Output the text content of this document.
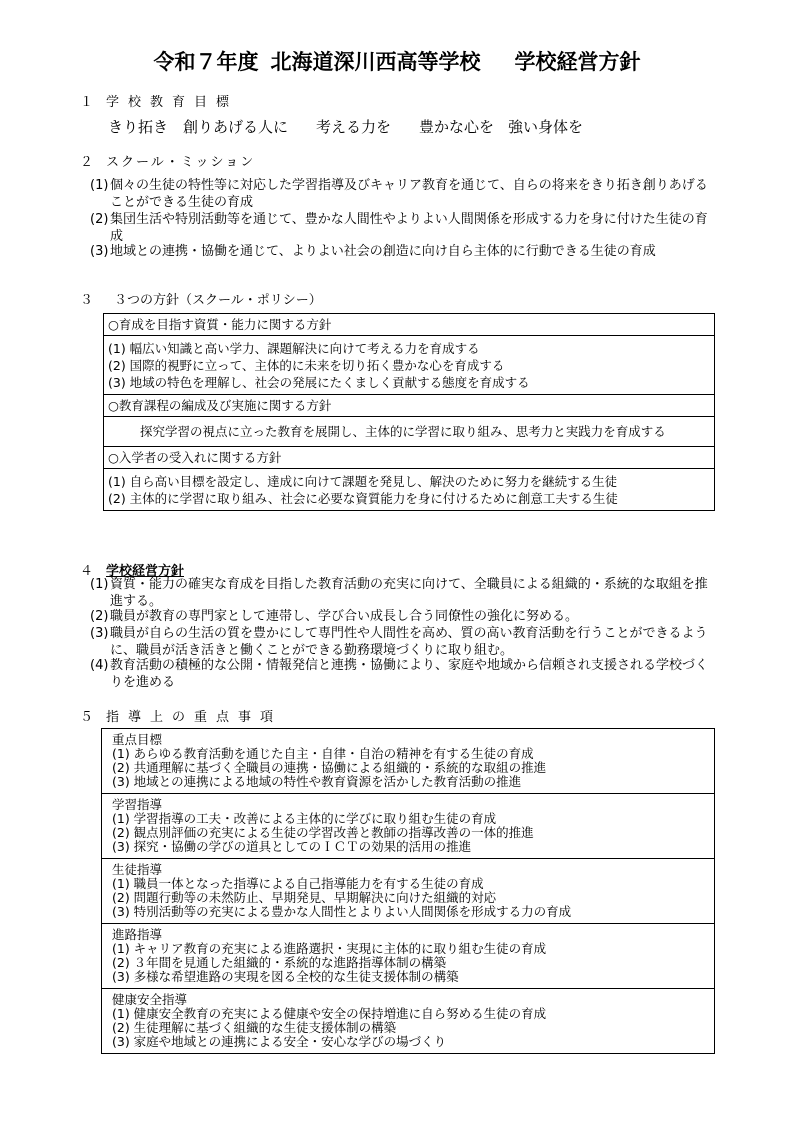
令和７年度 北海道深川西高等学校 学校経営方針
１ 学校教育目標
きり拓き　創りあげる人に 考える力を 豊かな心を 強い身体を
２ スクール・ミッション
(1) 個々の生徒の特性等に対応した学習指導及びキャリア教育を通じて、自らの将来をきり拓き創りあげることができる生徒の育成
(2) 集団生活や特別活動等を通じて、豊かな人間性やよりよい人間関係を形成する力を身に付けた生徒の育成
(3) 地域との連携・協働を通じて、よりよい社会の創造に向け自ら主体的に行動できる生徒の育成
３ ３つの方針（スクール・ポリシー）
○育成を目指す資質・能力に関する方針
(1) 幅広い知識と高い学力、課題解決に向けて考える力を育成する
(2) 国際的視野に立って、主体的に未来を切り拓く豊かな心を育成する
(3) 地域の特色を理解し、社会の発展にたくましく貢献する態度を育成する
○教育課程の編成及び実施に関する方針
探究学習の視点に立った教育を展開し、主体的に学習に取り組み、思考力と実践力を育成する
○入学者の受入れに関する方針
(1) 自ら高い目標を設定し、達成に向けて課題を発見し、解決のために努力を継続する生徒
(2) 主体的に学習に取り組み、社会に必要な資質能力を身に付けるために創意工夫する生徒
４ 学校経営方針
(1) 資質・能力の確実な育成を目指した教育活動の充実に向けて、全職員による組織的・系統的な取組を推進する。
(2) 職員が教育の専門家として連帯し、学び合い成長し合う同僚性の強化に努める。
(3) 職員が自らの生活の質を豊かにして専門性や人間性を高め、質の高い教育活動を行うことができるように、職員が活き活きと働くことができる勤務環境づくりに取り組む。
(4) 教育活動の積極的な公開・情報発信と連携・協働により、家庭や地域から信頼され支援される学校づくりを進める
５ 指導上の重点事項
重点目標
(1) あらゆる教育活動を通じた自主・自律・自治の精神を有する生徒の育成
(2) 共通理解に基づく全職員の連携・協働による組織的・系統的な取組の推進
(3) 地域との連携による地域の特性や教育資源を活かした教育活動の推進
学習指導
(1) 学習指導の工夫・改善による主体的に学びに取り組む生徒の育成
(2) 観点別評価の充実による生徒の学習改善と教師の指導改善の一体的推進
(3) 探究・協働の学びの道具としてのＩＣＴの効果的活用の推進
生徒指導
(1) 職員一体となった指導による自己指導能力を有する生徒の育成
(2) 問題行動等の未然防止、早期発見、早期解決に向けた組織的対応
(3) 特別活動等の充実による豊かな人間性とよりよい人間関係を形成する力の育成
進路指導
(1) キャリア教育の充実による進路選択・実現に主体的に取り組む生徒の育成
(2) ３年間を見通した組織的・系統的な進路指導体制の構築
(3) 多様な希望進路の実現を図る全校的な生徒支援体制の構築
健康安全指導
(1) 健康安全教育の充実による健康や安全の保持増進に自ら努める生徒の育成
(2) 生徒理解に基づく組織的な生徒支援体制の構築
(3) 家庭や地域との連携による安全・安心な学びの場づくり
